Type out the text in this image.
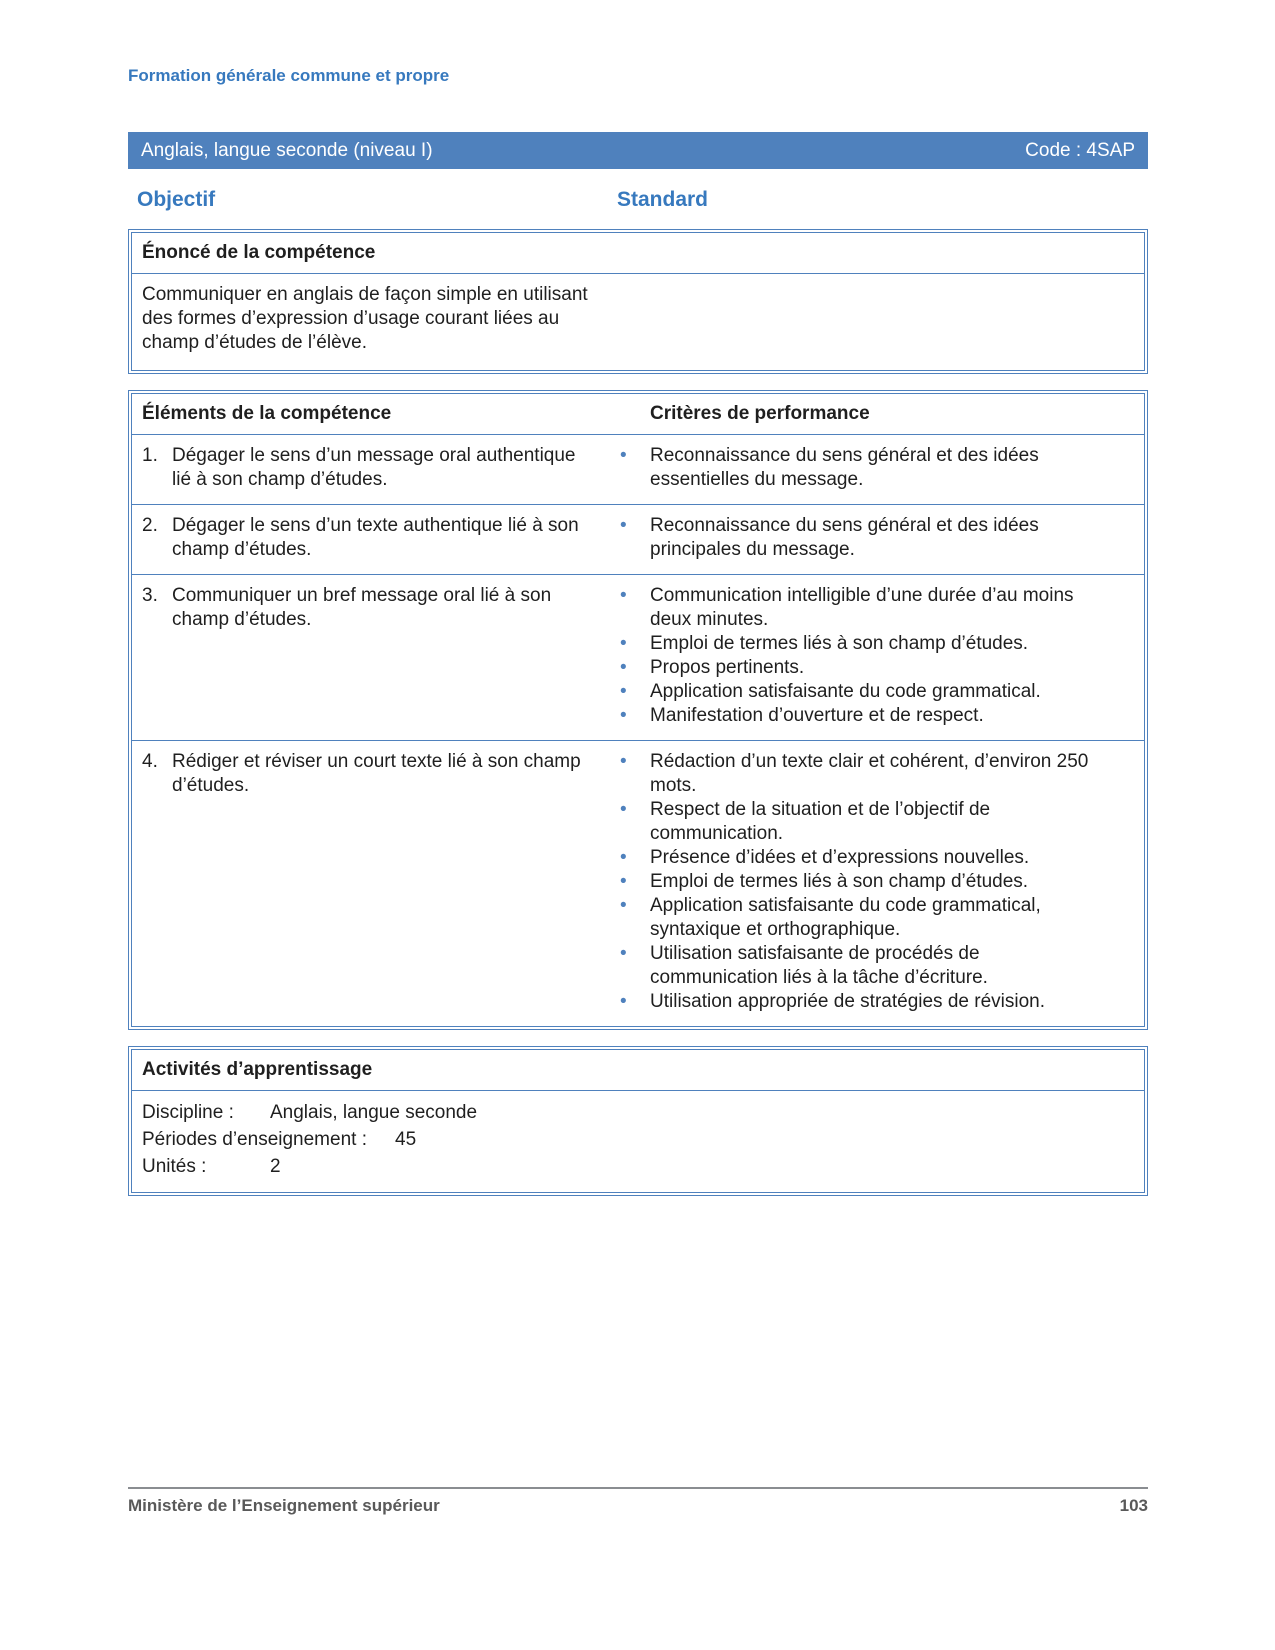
Formation générale commune et propre
Anglais, langue seconde (niveau I)	Code : 4SAP
Objectif	Standard
Énoncé de la compétence

Communiquer en anglais de façon simple en utilisant des formes d’expression d’usage courant liées au champ d’études de l’élève.

Éléments de la compétence	Critères de performance
1. Dégager le sens d’un message oral authentique lié à son champ d’études.
•	Reconnaissance du sens général et des idées essentielles du message.
2. Dégager le sens d’un texte authentique lié à son champ d’études.
•	Reconnaissance du sens général et des idées principales du message.
3. Communiquer un bref message oral lié à son champ d’études.
•	Communication intelligible d’une durée d’au moins deux minutes.
•	Emploi de termes liés à son champ d’études.
•	Propos pertinents.
•	Application satisfaisante du code grammatical.
•	Manifestation d’ouverture et de respect.
4. Rédiger et réviser un court texte lié à son champ d’études.
•	Rédaction d’un texte clair et cohérent, d’environ 250 mots.
•	Respect de la situation et de l’objectif de communication.
•	Présence d’idées et d’expressions nouvelles.
•	Emploi de termes liés à son champ d’études.
•	Application satisfaisante du code grammatical, syntaxique et orthographique.
•	Utilisation satisfaisante de procédés de communication liés à la tâche d’écriture.
•	Utilisation appropriée de stratégies de révision.
Activités d’apprentissage
Discipline : Anglais, langue seconde
Périodes d’enseignement : 45
Unités :	2
Ministère de l’Enseignement supérieur	103
